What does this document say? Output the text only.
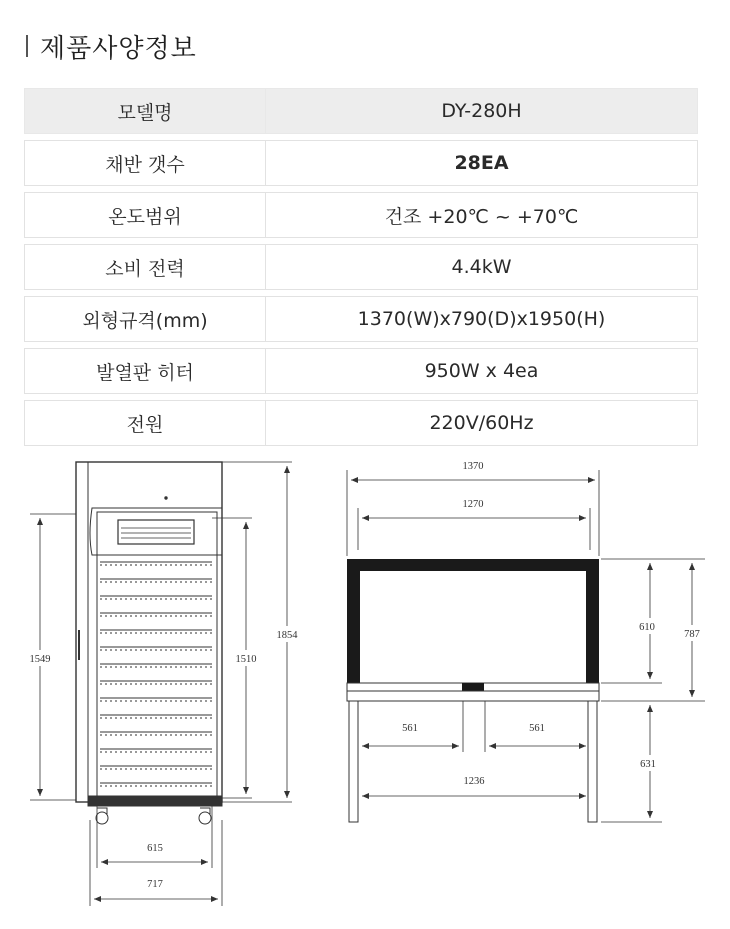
제품사양정보
모델명	DY-280H
채반 갯수	28EA
온도범위	건조 +20℃ ~ +70℃
소비 전력	4.4kW
외형규격(mm)	1370(W)x790(D)x1950(H)
발열판 히터	950W x 4ea
전원	220V/60Hz
1854
1510
1549
615
717
1370
1270
610
787
631
561	561
1236
